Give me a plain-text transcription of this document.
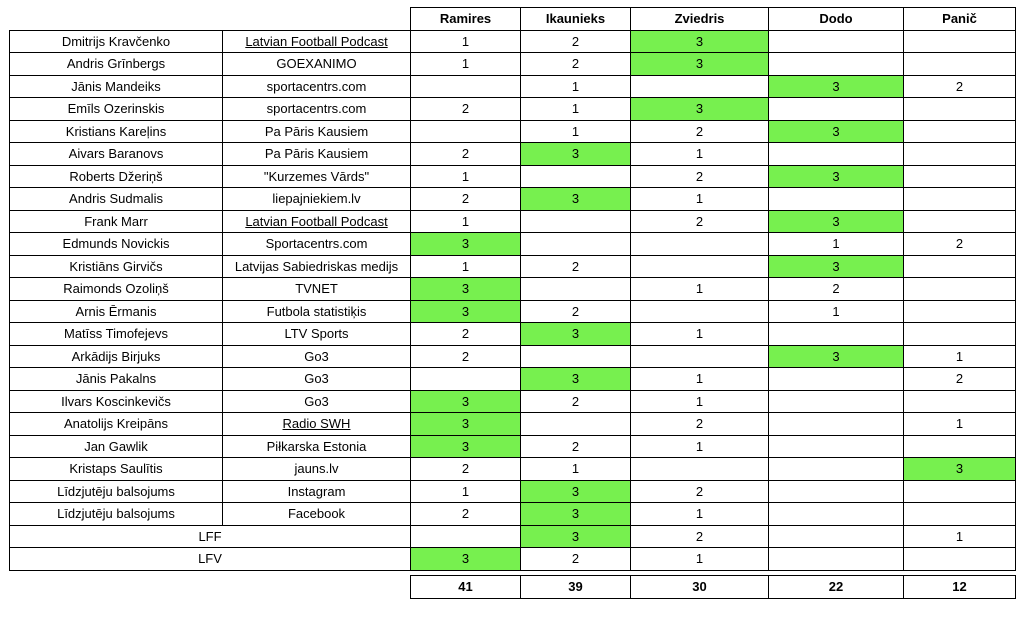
		Ramires	Ikaunieks	Zviedris	Dodo	Panič
Dmitrijs Kravčenko	Latvian Football Podcast	1	2	3		
Andris Grīnbergs	GOEXANIMO	1	2	3		
Jānis Mandeiks	sportacentrs.com		1		3	2
Emīls Ozerinskis	sportacentrs.com	2	1	3		
Kristians Kareļins	Pa Pāris Kausiem		1	2	3	
Aivars Baranovs	Pa Pāris Kausiem	2	3	1		
Roberts Džeriņš	"Kurzemes Vārds"	1		2	3	
Andris Sudmalis	liepajniekiem.lv	2	3	1		
Frank Marr	Latvian Football Podcast	1		2	3	
Edmunds Novickis	Sportacentrs.com	3			1	2
Kristiāns Girvičs	Latvijas Sabiedriskas medijs	1	2		3	
Raimonds Ozoliņš	TVNET	3		1	2	
Arnis Ērmanis	Futbola statistiķis	3	2		1	
Matīss Timofejevs	LTV Sports	2	3	1		
Arkādijs Birjuks	Go3	2			3	1
Jānis Pakalns	Go3		3	1		2
Ilvars Koscinkevičs	Go3	3	2	1		
Anatolijs Kreipāns	Radio SWH	3		2		1
Jan Gawlik	Piłkarska Estonia	3	2	1		
Kristaps Saulītis	jauns.lv	2	1			3
Līdzjutēju balsojums	Instagram	1	3	2		
Līdzjutēju balsojums	Facebook	2	3	1		
LFF			3	2		1
LFV		3	2	1		

		41	39	30	22	12
